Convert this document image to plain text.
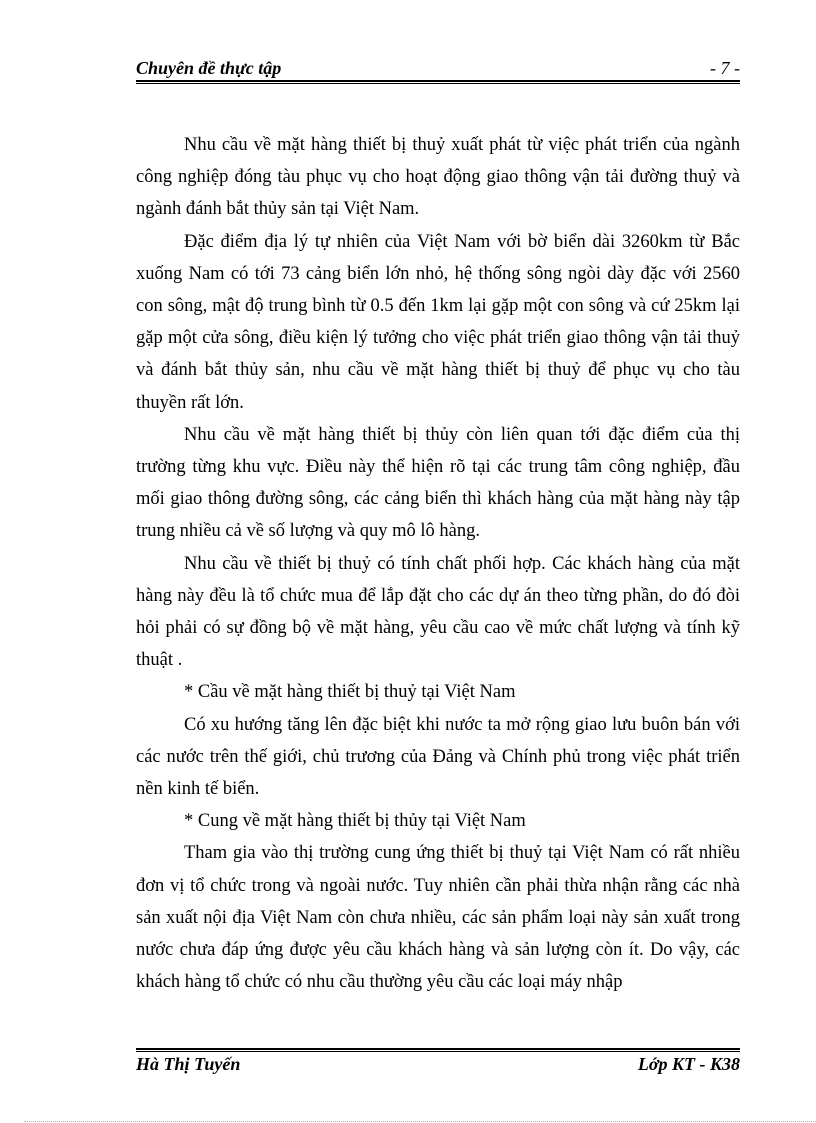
Chuyên đề thực tập	- 7 -

Nhu cầu về mặt hàng thiết bị thuỷ xuất phát từ việc phát triển của ngành công nghiệp đóng tàu phục vụ cho hoạt động giao thông vận tải đường thuỷ và ngành đánh bắt thủy sản tại Việt Nam.

Đặc điểm địa lý tự nhiên của Việt Nam với bờ biển dài 3260km từ Bắc xuống Nam có tới 73 cảng biển lớn nhỏ, hệ thống sông ngòi dày đặc với 2560 con sông, mật độ trung bình từ 0.5 đến 1km lại gặp một con sông và cứ 25km lại gặp một cửa sông, điều kiện lý tưởng cho việc phát triển giao thông vận tải thuỷ và đánh bắt thủy sản, nhu cầu về mặt hàng thiết bị thuỷ để phục vụ cho tàu thuyền rất lớn.

Nhu cầu về mặt hàng thiết bị thủy còn liên quan tới đặc điểm của thị trường từng khu vực. Điều này thể hiện rõ tại các trung tâm công nghiệp, đầu mối giao thông đường sông, các cảng biển thì khách hàng của mặt hàng này tập trung nhiều cả về số lượng và quy mô lô hàng.

Nhu cầu về thiết bị thuỷ có tính chất phối hợp. Các khách hàng của mặt hàng này đều là tổ chức mua để lắp đặt cho các dự án theo từng phần, do đó đòi hỏi phải có sự đồng bộ về mặt hàng, yêu cầu cao về mức chất lượng và tính kỹ thuật .

* Cầu về mặt hàng thiết bị thuỷ tại Việt Nam

Có xu hướng tăng lên đặc biệt khi nước ta mở rộng giao lưu buôn bán với các nước trên thế giới, chủ trương của Đảng và Chính phủ trong việc phát triển nền kinh tế biển.

* Cung về mặt hàng thiết bị thủy tại Việt Nam

Tham gia vào thị trường cung ứng thiết bị thuỷ tại Việt Nam có rất nhiều đơn vị tổ chức trong và ngoài nước. Tuy nhiên cần phải thừa nhận rằng các nhà sản xuất nội địa Việt Nam còn chưa nhiều, các sản phẩm loại này sản xuất trong nước chưa đáp ứng được yêu cầu khách hàng và sản lượng còn ít. Do vậy, các khách hàng tổ chức có nhu cầu thường yêu cầu các loại máy nhập

Hà Thị Tuyến	Lớp KT - K38
